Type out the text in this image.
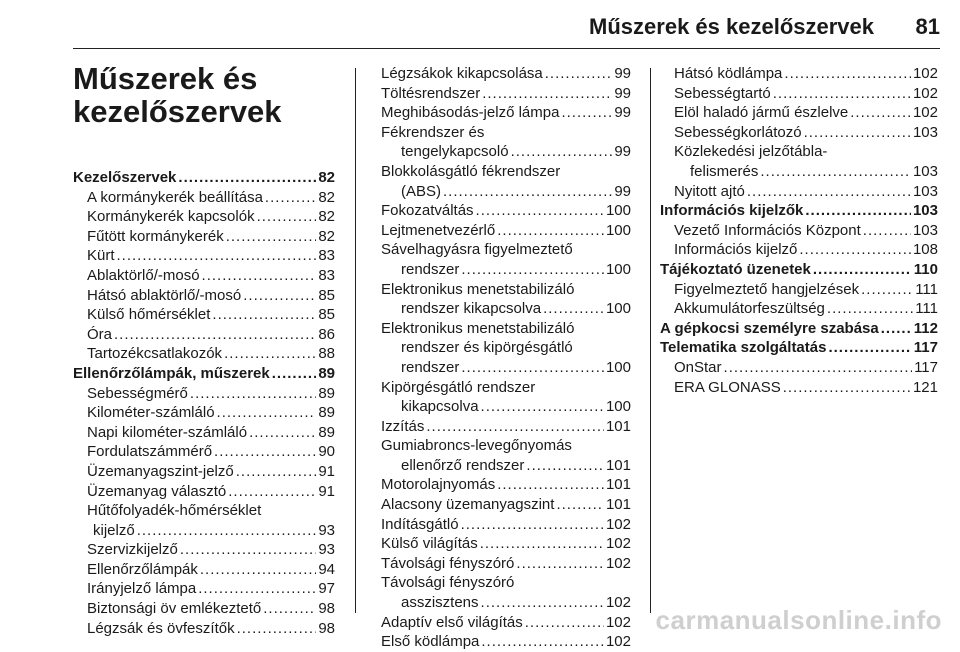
Műszerek és kezelőszervek 81
Műszerek és
kezelőszervek
Kezelőszervek .....	82
A kormánykerék beállítása .....	82
Kormánykerék kapcsolók .....	82
Fűtött kormánykerék .....	82
Kürt .....	83
Ablaktörlő/-mosó .....	83
Hátsó ablaktörlő/-mosó .....	85
Külső hőmérséklet .....	85
Óra .....	86
Tartozékcsatlakozók .....	88
Ellenőrzőlámpák, műszerek .....	89
Sebességmérő .....	89
Kilométer-számláló .....	89
Napi kilométer-számláló .....	89
Fordulatszámmérő .....	90
Üzemanyagszint-jelző .....	91
Üzemanyag választó .....	91
Hűtőfolyadék-hőmérséklet
kijelző .....	93
Szervizkijelző .....	93
Ellenőrzőlámpák .....	94
Irányjelző lámpa .....	97
Biztonsági öv emlékeztető .....	98
Légzsák és övfeszítők .....	98
Légzsákok kikapcsolása .....	99
Töltésrendszer .....	99
Meghibásodás-jelző lámpa .....	99
Fékrendszer és
tengelykapcsoló .....	99
Blokkolásgátló fékrendszer
(ABS) .....	99
Fokozatváltás .....	100
Lejtmenetvezérlő .....	100
Sávelhagyásra figyelmeztető
rendszer .....	100
Elektronikus menetstabilizáló
rendszer kikapcsolva .....	100
Elektronikus menetstabilizáló
rendszer és kipörgésgátló
rendszer .....	100
Kipörgésgátló rendszer
kikapcsolva .....	100
Izzítás .....	101
Gumiabroncs-levegőnyomás
ellenőrző rendszer .....	101
Motorolajnyomás .....	101
Alacsony üzemanyagszint .....	101
Indításgátló .....	102
Külső világítás .....	102
Távolsági fényszóró .....	102
Távolsági fényszóró
asszisztens .....	102
Adaptív első világítás .....	102
Első ködlámpa .....	102
Hátsó ködlámpa .....	102
Sebességtartó .....	102
Elöl haladó jármű észlelve .....	102
Sebességkorlátozó .....	103
Közlekedési jelzőtábla-
felismerés .....	103
Nyitott ajtó .....	103
Információs kijelzők .....	103
Vezető Információs Központ .....	103
Információs kijelző .....	108
Tájékoztató üzenetek .....	110
Figyelmeztető hangjelzések .....	111
Akkumulátorfeszültség .....	111
A gépkocsi személyre szabása ..... 112
Telematika szolgáltatás .....	117
OnStar .....	117
ERA GLONASS .....	121
carmanualsonline.info
